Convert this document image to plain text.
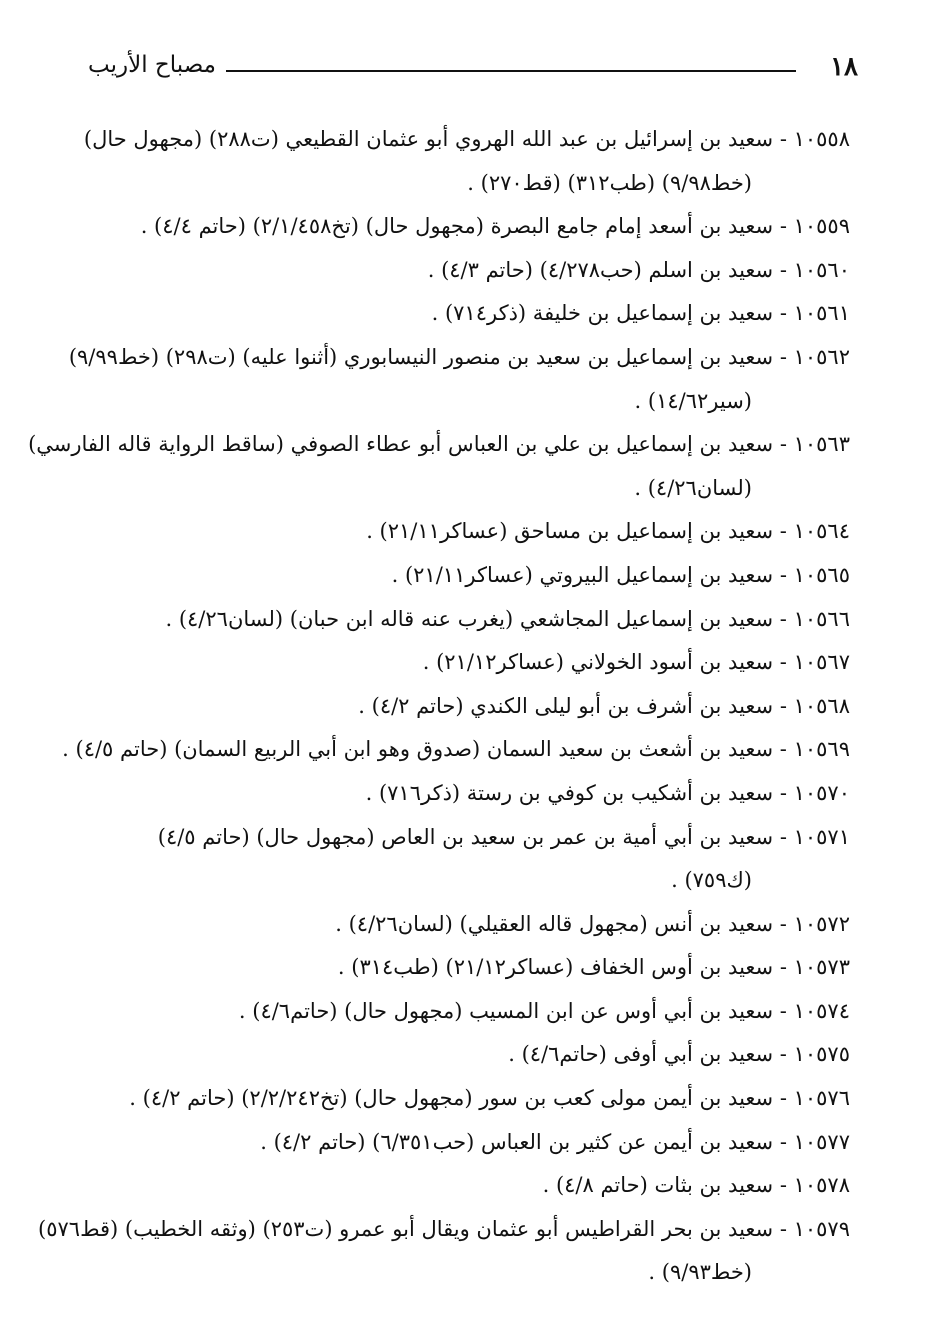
١٨
مصباح الأريب
١٠٥٥٨ - سعيد بن إسرائيل بن عبد الله الهروي أبو عثمان القطيعي (ت٢٨٨) (مجهول حال)
(خط٩/٩٨) (طب٣١٢) (قط٢٧٠) .
١٠٥٥٩ - سعيد بن أسعد إمام جامع البصرة (مجهول حال) (تخ٢/١/٤٥٨) (حاتم ٤/٤) .
١٠٥٦٠ - سعيد بن اسلم (حب٤/٢٧٨) (حاتم ٤/٣) .
١٠٥٦١ - سعيد بن إسماعيل بن خليفة (ذكر٧١٤) .
١٠٥٦٢ - سعيد بن إسماعيل بن سعيد بن منصور النيسابوري (أثنوا عليه) (ت٢٩٨) (خط٩/٩٩)
(سير١٤/٦٢) .
١٠٥٦٣ - سعيد بن إسماعيل بن علي بن العباس أبو عطاء الصوفي (ساقط الرواية قاله الفارسي)
(لسان٤/٢٦) .
١٠٥٦٤ - سعيد بن إسماعيل بن مساحق (عساكر٢١/١١) .
١٠٥٦٥ - سعيد بن إسماعيل البيروتي (عساكر٢١/١١) .
١٠٥٦٦ - سعيد بن إسماعيل المجاشعي (يغرب عنه قاله ابن حبان) (لسان٤/٢٦) .
١٠٥٦٧ - سعيد بن أسود الخولاني (عساكر٢١/١٢) .
١٠٥٦٨ - سعيد بن أشرف بن أبو ليلى الكندي (حاتم ٤/٢) .
١٠٥٦٩ - سعيد بن أشعث بن سعيد السمان (صدوق وهو ابن أبي الربيع السمان) (حاتم ٤/٥) .
١٠٥٧٠ - سعيد بن أشكيب بن كوفي بن رستة (ذكر٧١٦) .
١٠٥٧١ - سعيد بن أبي أمية بن عمر بن سعيد بن العاص (مجهول حال) (حاتم ٤/٥)
(ك٧٥٩) .
١٠٥٧٢ - سعيد بن أنس (مجهول قاله العقيلي) (لسان٤/٢٦) .
١٠٥٧٣ - سعيد بن أوس الخفاف (عساكر٢١/١٢) (طب٣١٤) .
١٠٥٧٤ - سعيد بن أبي أوس عن ابن المسيب (مجهول حال) (حاتم٤/٦) .
١٠٥٧٥ - سعيد بن أبي أوفى (حاتم٤/٦) .
١٠٥٧٦ - سعيد بن أيمن مولى كعب بن سور (مجهول حال) (تخ٢/٢/٢٤٢) (حاتم ٤/٢) .
١٠٥٧٧ - سعيد بن أيمن عن كثير بن العباس (حب٦/٣٥١) (حاتم ٤/٢) .
١٠٥٧٨ - سعيد بن بثات (حاتم ٤/٨) .
١٠٥٧٩ - سعيد بن بحر القراطيس أبو عثمان ويقال أبو عمرو (ت٢٥٣) (وثقه الخطيب) (قط٥٧٦)
(خط٩/٩٣) .
